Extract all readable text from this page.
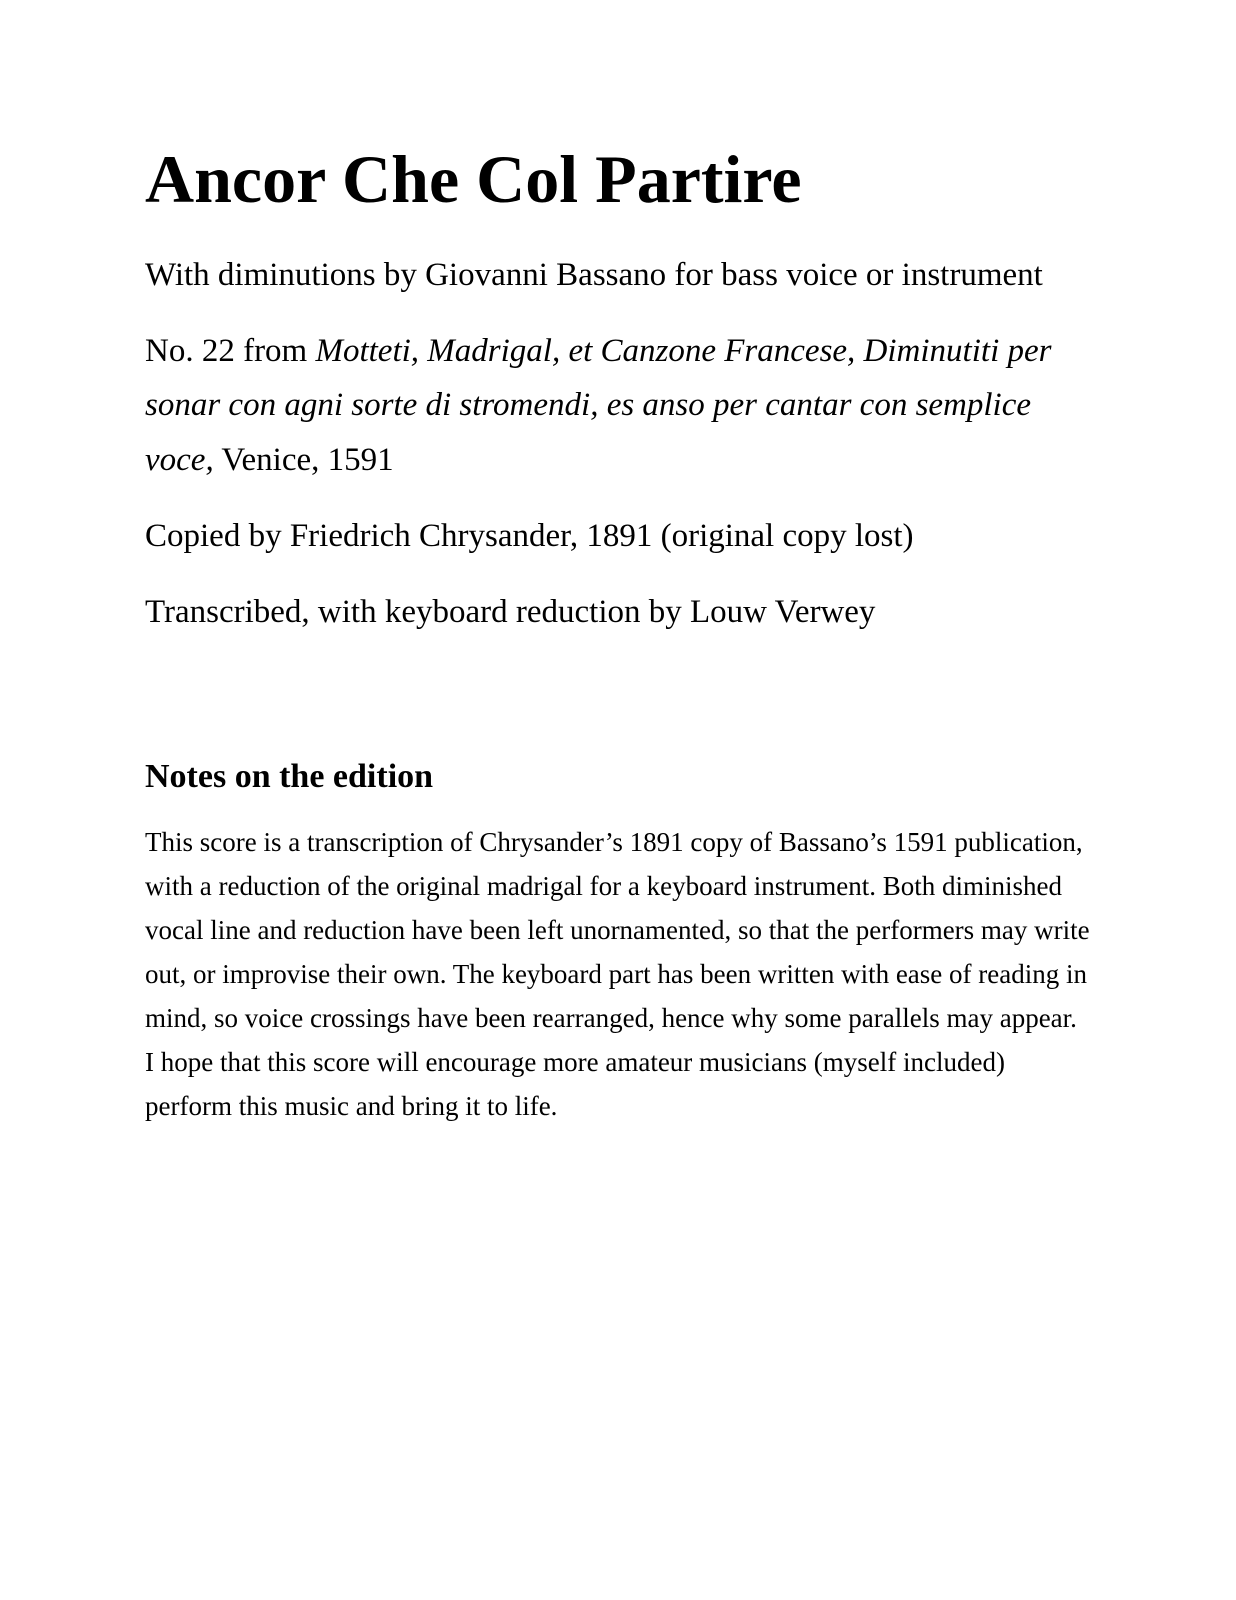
Ancor Che Col Partire

With diminutions by Giovanni Bassano for bass voice or instrument

No. 22 from Motteti, Madrigal, et Canzone Francese, Diminutiti per sonar con agni sorte di stromendi, es anso per cantar con semplice voce, Venice, 1591

Copied by Friedrich Chrysander, 1891 (original copy lost)

Transcribed, with keyboard reduction by Louw Verwey

Notes on the edition

This score is a transcription of Chrysander’s 1891 copy of Bassano’s 1591 publication, with a reduction of the original madrigal for a keyboard instrument. Both diminished vocal line and reduction have been left unornamented, so that the performers may write out, or improvise their own. The keyboard part has been written with ease of reading in mind, so voice crossings have been rearranged, hence why some parallels may appear. I hope that this score will encourage more amateur musicians (myself included) perform this music and bring it to life.
